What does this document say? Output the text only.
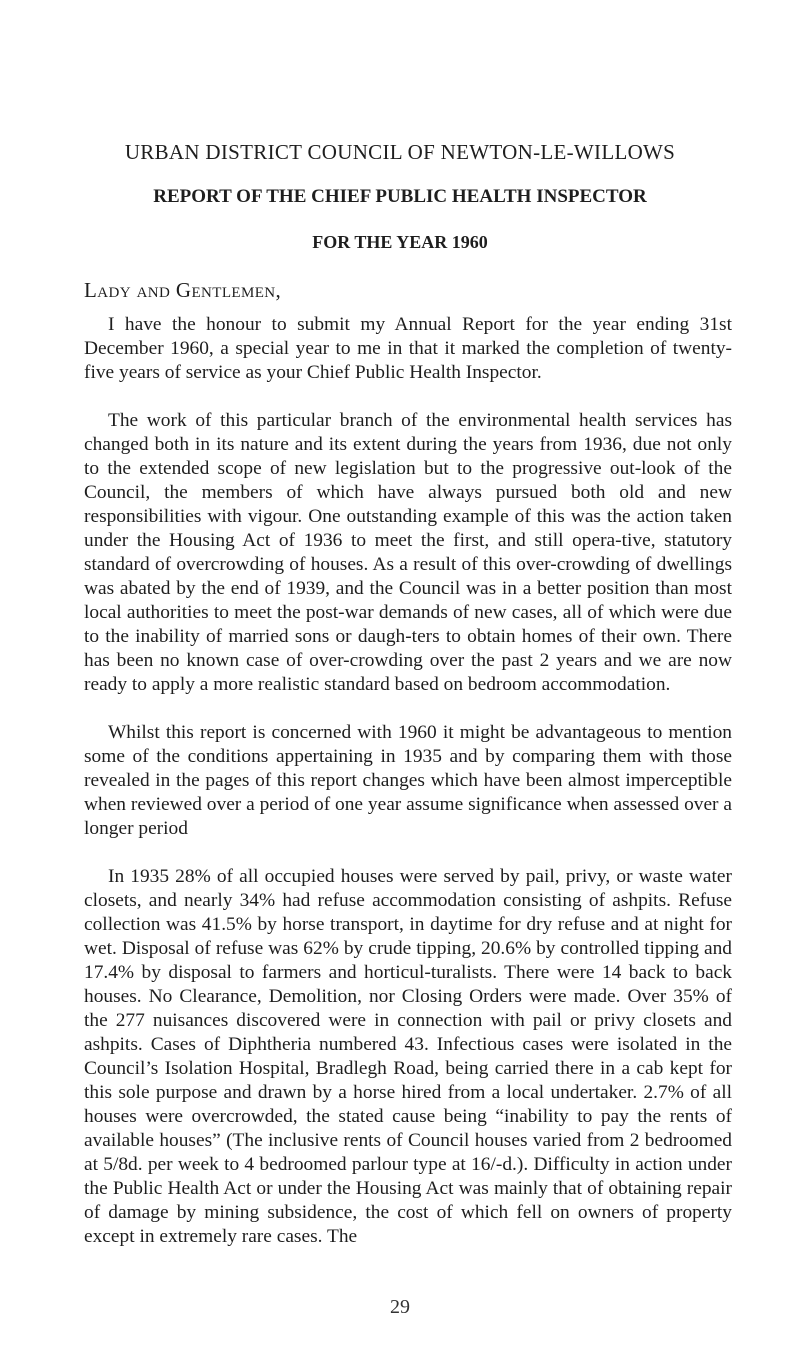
URBAN DISTRICT COUNCIL OF NEWTON-LE-WILLOWS
REPORT OF THE CHIEF PUBLIC HEALTH INSPECTOR
FOR THE YEAR 1960
Lady and Gentlemen,

I have the honour to submit my Annual Report for the year ending 31st December 1960, a special year to me in that it marked the completion of twenty-five years of service as your Chief Public Health Inspector.

The work of this particular branch of the environmental health services has changed both in its nature and its extent during the years from 1936, due not only to the extended scope of new legislation but to the progressive out-look of the Council, the members of which have always pursued both old and new responsibilities with vigour. One outstanding example of this was the action taken under the Housing Act of 1936 to meet the first, and still opera-tive, statutory standard of overcrowding of houses. As a result of this over-crowding of dwellings was abated by the end of 1939, and the Council was in a better position than most local authorities to meet the post-war demands of new cases, all of which were due to the inability of married sons or daugh-ters to obtain homes of their own. There has been no known case of over-crowding over the past 2 years and we are now ready to apply a more realistic standard based on bedroom accommodation.

Whilst this report is concerned with 1960 it might be advantageous to mention some of the conditions appertaining in 1935 and by comparing them with those revealed in the pages of this report changes which have been almost imperceptible when reviewed over a period of one year assume significance when assessed over a longer period

In 1935 28% of all occupied houses were served by pail, privy, or waste water closets, and nearly 34% had refuse accommodation consisting of ashpits. Refuse collection was 41.5% by horse transport, in daytime for dry refuse and at night for wet. Disposal of refuse was 62% by crude tipping, 20.6% by controlled tipping and 17.4% by disposal to farmers and horticul-turalists. There were 14 back to back houses. No Clearance, Demolition, nor Closing Orders were made. Over 35% of the 277 nuisances discovered were in connection with pail or privy closets and ashpits. Cases of Diphtheria numbered 43. Infectious cases were isolated in the Council’s Isolation Hospital, Bradlegh Road, being carried there in a cab kept for this sole purpose and drawn by a horse hired from a local undertaker. 2.7% of all houses were overcrowded, the stated cause being “inability to pay the rents of available houses” (The inclusive rents of Council houses varied from 2 bedroomed at 5/8d. per week to 4 bedroomed parlour type at 16/-d.). Difficulty in action under the Public Health Act or under the Housing Act was mainly that of obtaining repair of damage by mining subsidence, the cost of which fell on owners of property except in extremely rare cases. The

29
